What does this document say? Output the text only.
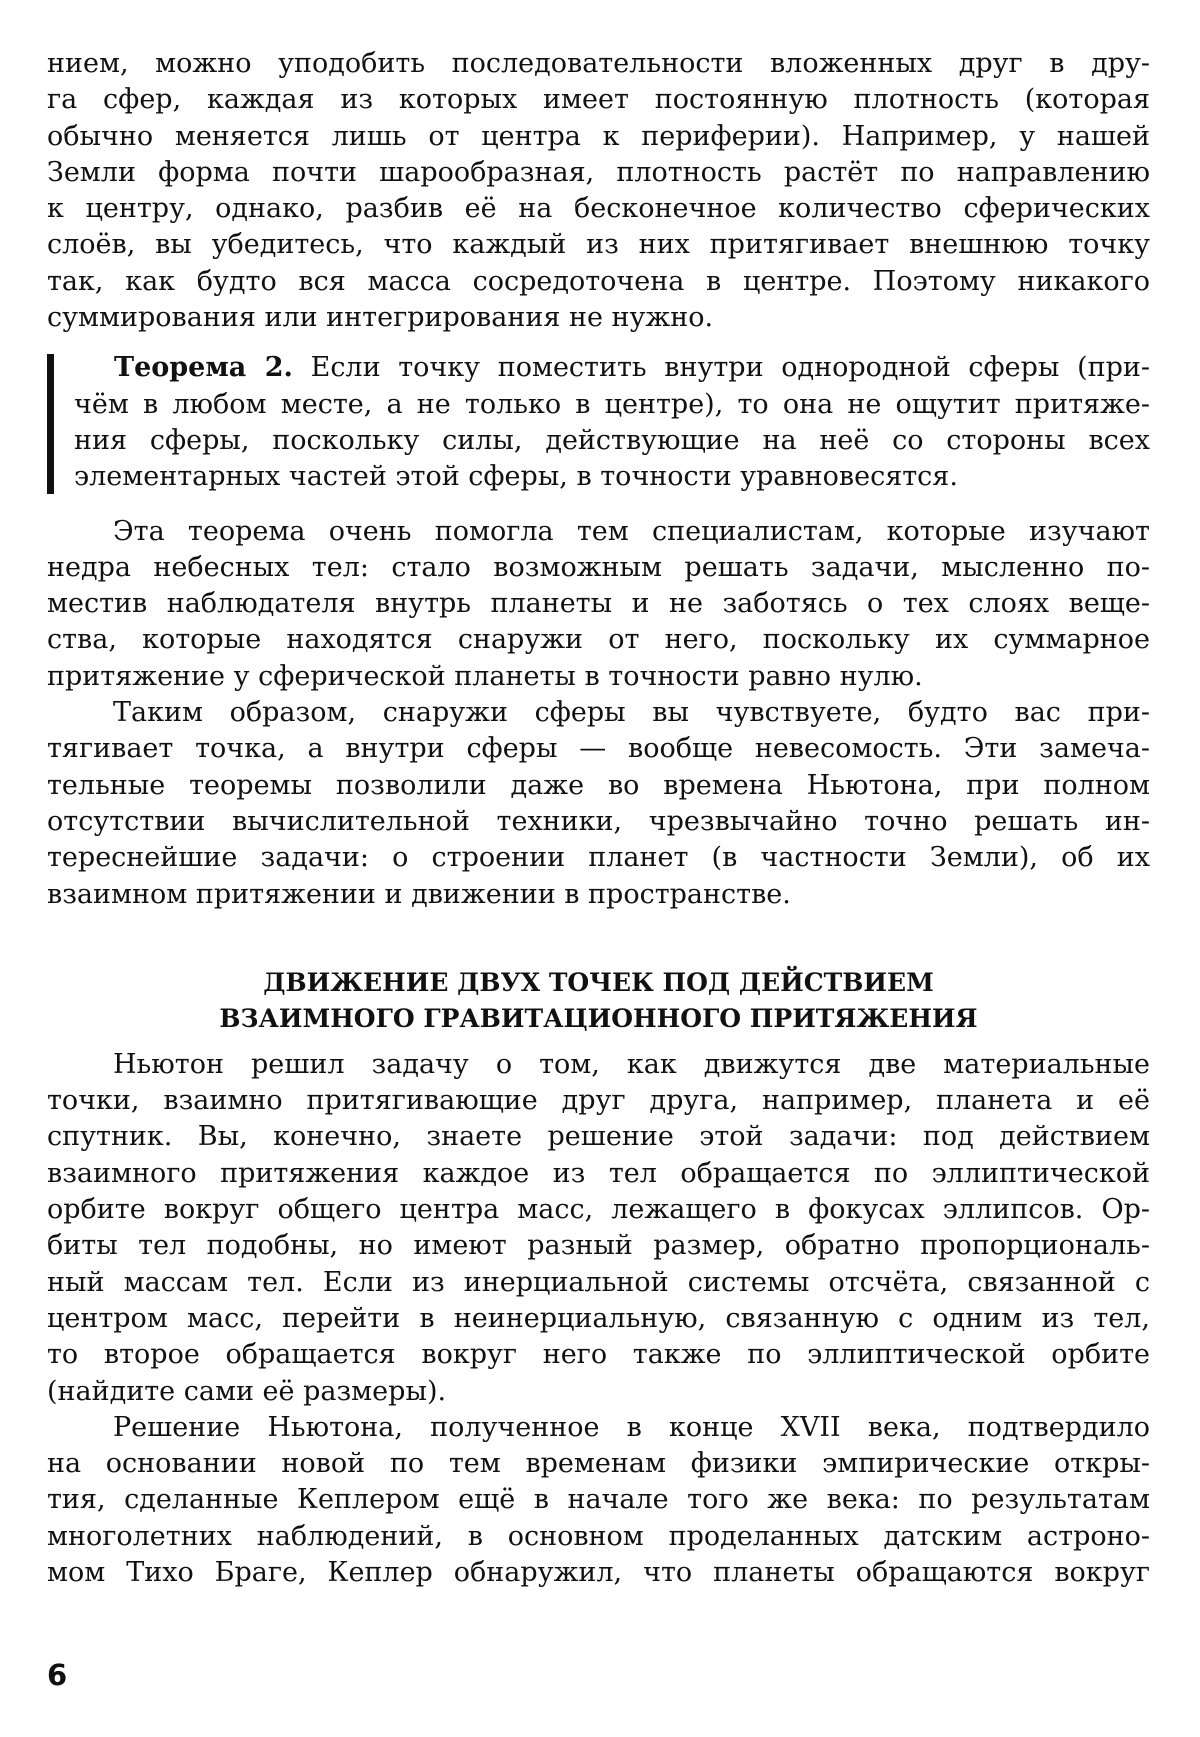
нием, можно уподобить последовательности вложенных друг в дру-
га сфер, каждая из которых имеет постоянную плотность (которая
обычно меняется лишь от центра к периферии). Например, у нашей
Земли форма почти шарообразная, плотность растёт по направлению
к центру, однако, разбив её на бесконечное количество сферических
слоёв, вы убедитесь, что каждый из них притягивает внешнюю точку
так, как будто вся масса сосредоточена в центре. Поэтому никакого
суммирования или интегрирования не нужно.
Теорема 2. Если точку поместить внутри однородной сферы (при-
чём в любом месте, а не только в центре), то она не ощутит притяже-
ния сферы, поскольку силы, действующие на неё со стороны всех
элементарных частей этой сферы, в точности уравновесятся.
Эта теорема очень помогла тем специалистам, которые изучают
недра небесных тел: стало возможным решать задачи, мысленно по-
местив наблюдателя внутрь планеты и не заботясь о тех слоях веще-
ства, которые находятся снаружи от него, поскольку их суммарное
притяжение у сферической планеты в точности равно нулю.
Таким образом, снаружи сферы вы чувствуете, будто вас при-
тягивает точка, а внутри сферы — вообще невесомость. Эти замеча-
тельные теоремы позволили даже во времена Ньютона, при полном
отсутствии вычислительной техники, чрезвычайно точно решать ин-
тереснейшие задачи: о строении планет (в частности Земли), об их
взаимном притяжении и движении в пространстве.
ДВИЖЕНИЕ ДВУХ ТОЧЕК ПОД ДЕЙСТВИЕМ
ВЗАИМНОГО ГРАВИТАЦИОННОГО ПРИТЯЖЕНИЯ
Ньютон решил задачу о том, как движутся две материальные
точки, взаимно притягивающие друг друга, например, планета и её
спутник. Вы, конечно, знаете решение этой задачи: под действием
взаимного притяжения каждое из тел обращается по эллиптической
орбите вокруг общего центра масс, лежащего в фокусах эллипсов. Ор-
биты тел подобны, но имеют разный размер, обратно пропорциональ-
ный массам тел. Если из инерциальной системы отсчёта, связанной с
центром масс, перейти в неинерциальную, связанную с одним из тел,
то второе обращается вокруг него также по эллиптической орбите
(найдите сами её размеры).
Решение Ньютона, полученное в конце XVII века, подтвердило
на основании новой по тем временам физики эмпирические откры-
тия, сделанные Кеплером ещё в начале того же века: по результатам
многолетних наблюдений, в основном проделанных датским астроно-
мом Тихо Браге, Кеплер обнаружил, что планеты обращаются вокруг
6
